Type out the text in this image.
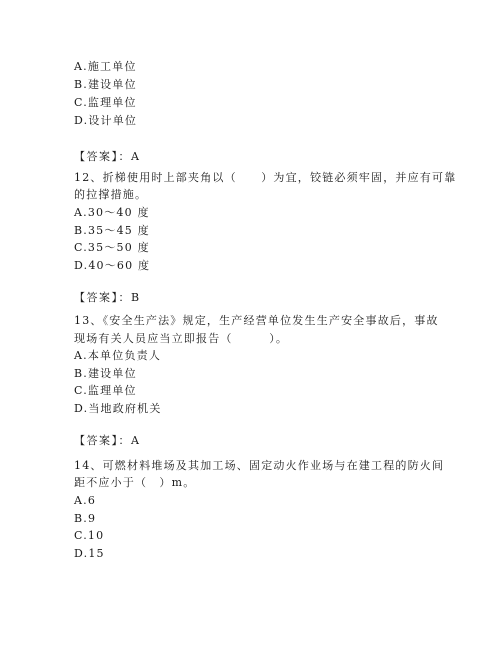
A.施工单位
B.建设单位
C.监理单位
D.设计单位
【答案】：A
12、折梯使用时上部夹角以（　　）为宜，铰链必须牢固，并应有可靠
的拉撑措施。
A.30～40 度
B.35～45 度
C.35～50 度
D.40～60 度
【答案】：B
13、《安全生产法》规定，生产经营单位发生生产安全事故后，事故
现场有关人员应当立即报告（　　　）。
A.本单位负责人
B.建设单位
C.监理单位
D.当地政府机关
【答案】：A
14、可燃材料堆场及其加工场、固定动火作业场与在建工程的防火间
距不应小于（　）m。
A.6
B.9
C.10
D.15
